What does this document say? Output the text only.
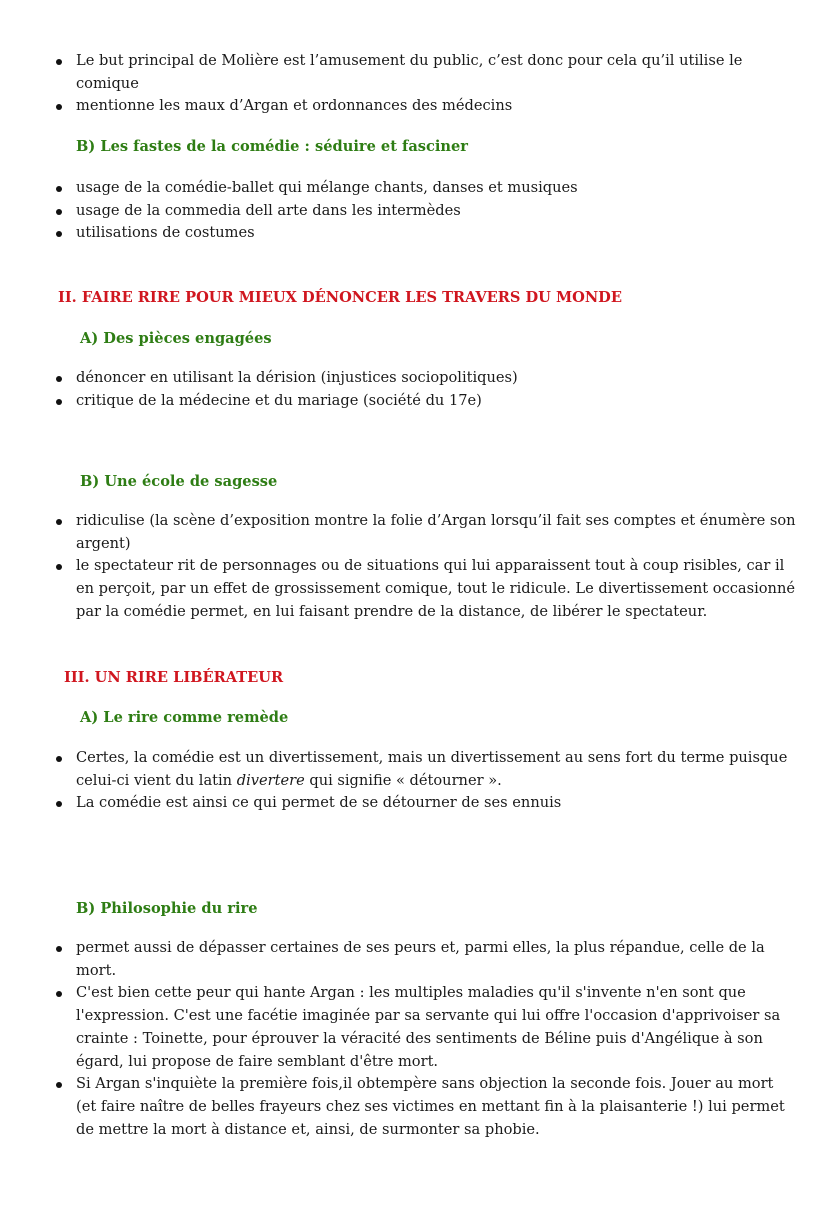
Le but principal de Molière est l’amusement du public, c’est donc pour cela qu’il utilise le comique
mentionne les maux d’Argan et ordonnances des médecins
B) Les fastes de la comédie : séduire et fasciner
usage de la comédie-ballet qui mélange chants, danses et musiques
usage de la commedia dell arte dans les intermèdes
utilisations de costumes
II. FAIRE RIRE POUR MIEUX DÉNONCER LES TRAVERS DU MONDE
A) Des pièces engagées
dénoncer en utilisant la dérision (injustices sociopolitiques)
critique de la médecine et du mariage (société du 17e)
B) Une école de sagesse
ridiculise (la scène d’exposition montre la folie d’Argan lorsqu’il fait ses comptes et énumère son argent)
le spectateur rit de personnages ou de situations qui lui apparaissent tout à coup risibles, car il en perçoit, par un effet de grossissement comique, tout le ridicule. Le divertissement occasionné par la comédie permet, en lui faisant prendre de la distance, de libérer le spectateur.
III. UN RIRE LIBÉRATEUR
A) Le rire comme remède
Certes, la comédie est un divertissement, mais un divertissement au sens fort du terme puisque celui-ci vient du latin divertere qui signifie « détourner ».
La comédie est ainsi ce qui permet de se détourner de ses ennuis
B) Philosophie du rire
permet aussi de dépasser certaines de ses peurs et, parmi elles, la plus répandue, celle de la mort.
C'est bien cette peur qui hante Argan : les multiples maladies qu'il s'invente n'en sont que l'expression. C'est une facétie imaginée par sa servante qui lui offre l'occasion d'apprivoiser sa crainte : Toinette, pour éprouver la véracité des sentiments de Béline puis d'Angélique à son égard, lui propose de faire semblant d'être mort.
Si Argan s'inquiète la première fois,il obtempère sans objection la seconde fois. Jouer au mort (et faire naître de belles frayeurs chez ses victimes en mettant fin à la plaisanterie !) lui permet de mettre la mort à distance et, ainsi, de surmonter sa phobie.
